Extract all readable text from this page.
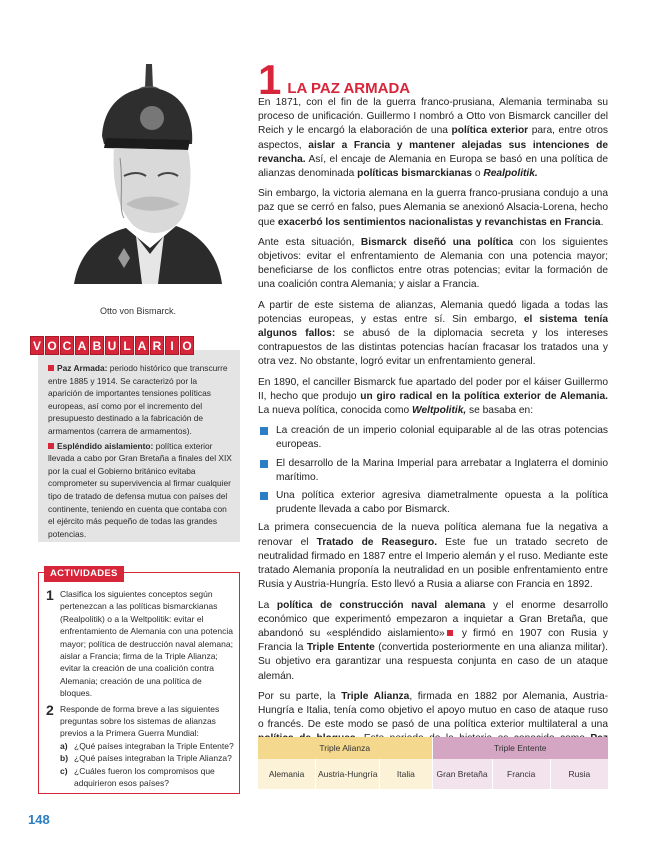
Otto von Bismarck.

Paz Armada: periodo histórico que transcurre entre 1885 y 1914. Se caracterizó por la aparición de importantes tensiones políticas europeas, así como por el incremento del presupuesto destinado a la fabricación de armamentos (carrera de armamentos).

Espléndido aislamiento: política exterior llevada a cabo por Gran Bretaña a finales del XIX por la cual el Gobierno británico evitaba comprometer su supervivencia al firmar cualquier tipo de tratado de defensa mutua con países del continente, teniendo en cuenta que contaba con el ejército más pequeño de todas las grandes potencias.

V O C A B U L A R I O
ACTIVIDADES
1 Clasifica los siguientes conceptos según pertenezcan a las políticas bismarckianas (Realpolitik) o a la Weltpolitik: evitar el enfrentamiento de Alemania con una potencia mayor; política de destrucción naval alemana; aislar a Francia; firma de la Triple Alianza; evitar la creación de una coalición contra Alemania; creación de una política de bloques.
2 Responde de forma breve a las siguientes preguntas sobre los sistemas de alianzas previos a la Primera Guerra Mundial:
a) ¿Qué países integraban la Triple Entente?
b) ¿Qué países integraban la Triple Alianza?
c) ¿Cuáles fueron los compromisos que adquirieron esos países?
1 LA PAZ ARMADA

En 1871, con el fin de la guerra franco-prusiana, Alemania terminaba su proceso de unificación. Guillermo I nombró a Otto von Bismarck canciller del Reich y le encargó la elaboración de una política exterior para, entre otros aspectos, aislar a Francia y mantener alejadas sus intenciones de revancha. Así, el encaje de Alemania en Europa se basó en una política de alianzas denominada políticas bismarckianas o Realpolitik.

Sin embargo, la victoria alemana en la guerra franco-prusiana condujo a una paz que se cerró en falso, pues Alemania se anexionó Alsacia-Lorena, hecho que exacerbó los sentimientos nacionalistas y revanchistas en Francia.

Ante esta situación, Bismarck diseñó una política con los siguientes objetivos: evitar el enfrentamiento de Alemania con una potencia mayor; beneficiarse de los conflictos entre otras potencias; evitar la formación de una coalición contra Alemania; y aislar a Francia.

A partir de este sistema de alianzas, Alemania quedó ligada a todas las potencias europeas, y estas entre sí. Sin embargo, el sistema tenía algunos fallos: se abusó de la diplomacia secreta y los intereses contrapuestos de las distintas potencias hacían fracasar los tratados una y otra vez. No obstante, logró evitar un enfrentamiento general.

En 1890, el canciller Bismarck fue apartado del poder por el káiser Guillermo II, hecho que produjo un giro radical en la política exterior de Alemania. La nueva política, conocida como Weltpolitik, se basaba en:

La creación de un imperio colonial equiparable al de las otras potencias europeas.
El desarrollo de la Marina Imperial para arrebatar a Inglaterra el dominio marítimo.
Una política exterior agresiva diametralmente opuesta a la política prudente llevada a cabo por Bismarck.

La primera consecuencia de la nueva política alemana fue la negativa a renovar el Tratado de Reaseguro. Este fue un tratado secreto de neutralidad firmado en 1887 entre el Imperio alemán y el ruso. Mediante este tratado Alemania proponía la neutralidad en un posible enfrentamiento entre Rusia y Austria-Hungría. Esto llevó a Rusia a aliarse con Francia en 1892.

La política de construcción naval alemana y el enorme desarrollo económico que experimentó empezaron a inquietar a Gran Bretaña, que abandonó su «espléndido aislamiento» y firmó en 1907 con Rusia y Francia la Triple Entente (convertida posteriormente en una alianza militar). Su objetivo era garantizar una respuesta conjunta en caso de un ataque alemán.

Por su parte, la Triple Alianza, firmada en 1882 por Alemania, Austria-Hungría e Italia, tenía como objetivo el apoyo mutuo en caso de ataque ruso o francés. De este modo se pasó de una política exterior multilateral a una

Triple Alianza	Triple Entente
Alemania	Austria-Hungría	Italia	Gran Bretaña	Francia	Rusia
148
